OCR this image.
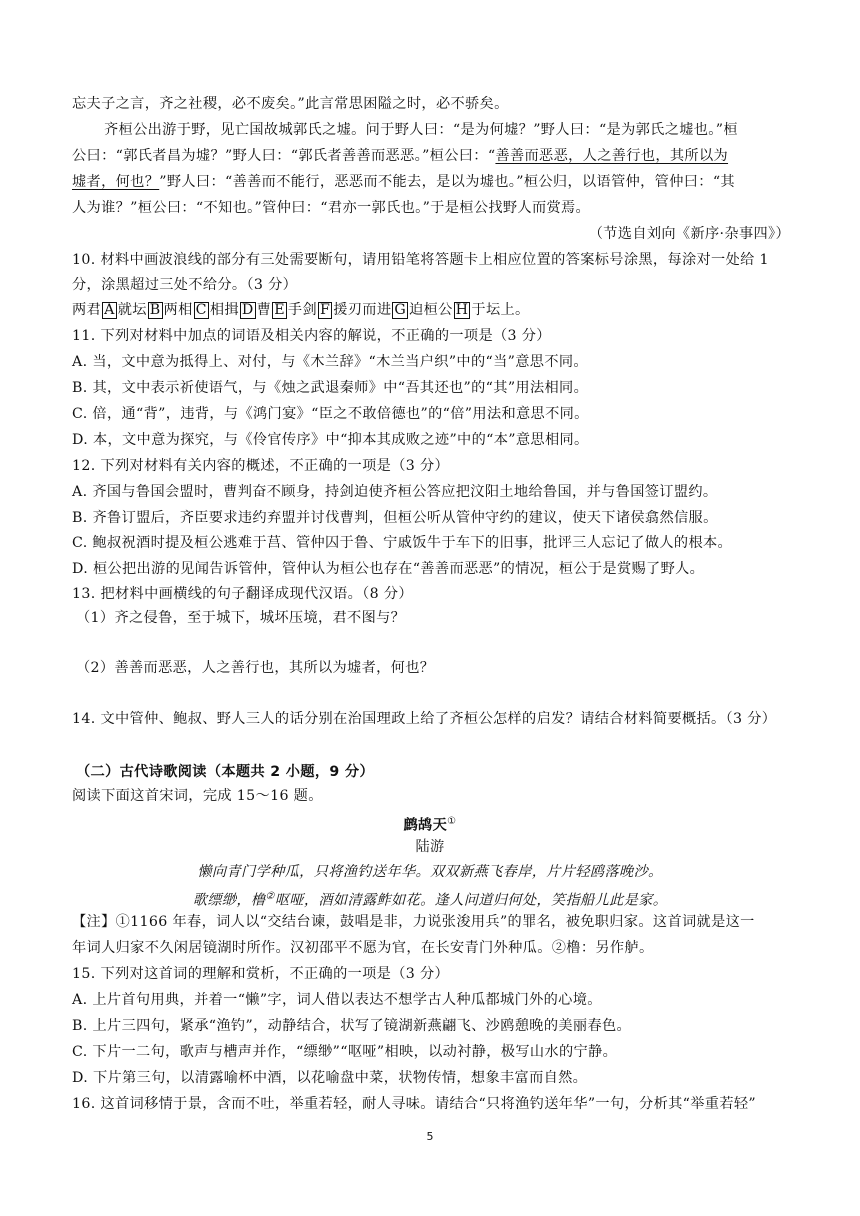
忘夫子之言，齐之社稷，必不废矣。”此言常思困隘之时，必不骄矣。
齐桓公出游于野，见亡国故城郭氏之墟。问于野人曰：“是为何墟？”野人曰：“是为郭氏之墟也。”桓
公曰：“郭氏者昌为墟？”野人曰：“郭氏者善善而恶恶。”桓公曰：“善善而恶恶，人之善行也，其所以为
墟者，何也？”野人曰：“善善而不能行，恶恶而不能去，是以为墟也。”桓公归，以语管仲，管仲曰：“其
人为谁？”桓公曰：“不知也。”管仲曰：“君亦一郭氏也。”于是桓公找野人而赏焉。
（节选自刘向《新序·杂事四》）
10. 材料中画波浪线的部分有三处需要断句，请用铅笔将答题卡上相应位置的答案标号涂黑，每涂对一处给 1
分，涂黑超过三处不给分。（3 分）
两君 A 就坛 B 两相 C 相揖 D 曹 E 手剑 F 援刃而进 G 迫桓公 H 于坛上。
11. 下列对材料中加点的词语及相关内容的解说，不正确的一项是（3 分）
A. 当，文中意为抵得上、对付，与《木兰辞》“木兰当户织”中的“当”意思不同。
B. 其，文中表示祈使语气，与《烛之武退秦师》中“吾其还也”的“其”用法相同。
C. 倍，通“背”，违背，与《鸿门宴》“臣之不敢倍德也”的“倍”用法和意思不同。
D. 本，文中意为探究，与《伶官传序》中“抑本其成败之迹”中的“本”意思相同。
12. 下列对材料有关内容的概述，不正确的一项是（3 分）
A. 齐国与鲁国会盟时，曹判奋不顾身，持剑迫使齐桓公答应把汶阳土地给鲁国，并与鲁国签订盟约。
B. 齐鲁订盟后，齐臣要求违约弃盟并讨伐曹判，但桓公听从管仲守约的建议，使天下诸侯翕然信服。
C. 鲍叔祝酒时提及桓公逃难于莒、管仲囚于鲁、宁戚饭牛于车下的旧事，批评三人忘记了做人的根本。
D. 桓公把出游的见闻告诉管仲，管仲认为桓公也存在“善善而恶恶”的情况，桓公于是赏赐了野人。
13. 把材料中画横线的句子翻译成现代汉语。（8 分）
（1）齐之侵鲁，至于城下，城坏压境，君不图与？
（2）善善而恶恶，人之善行也，其所以为墟者，何也？
14. 文中管仲、鲍叔、野人三人的话分别在治国理政上给了齐桓公怎样的启发？请结合材料简要概括。（3 分）
（二）古代诗歌阅读（本题共 2 小题，9 分）
阅读下面这首宋词，完成 15～16 题。
鹧鸪天①
陆游
懒向青门学种瓜，只将渔钓送年华。双双新燕飞春岸，片片轻鸥落晚沙。
歌缥缈，橹②呕哑，酒如清露鲊如花。逢人问道归何处，笑指船儿此是家。
【注】①1166 年春，词人以“交结台谏，鼓唱是非，力说张浚用兵”的罪名，被免职归家。这首词就是这一
年词人归家不久闲居镜湖时所作。汉初邵平不愿为官，在长安青门外种瓜。②橹：另作舻。
15. 下列对这首词的理解和赏析，不正确的一项是（3 分）
A. 上片首句用典，并着一“懒”字，词人借以表达不想学古人种瓜都城门外的心境。
B. 上片三四句，紧承“渔钓”，动静结合，状写了镜湖新燕翩飞、沙鸥憩晚的美丽春色。
C. 下片一二句，歌声与槽声并作，“缥缈”“呕哑”相映，以动衬静，极写山水的宁静。
D. 下片第三句，以清露喻杯中酒，以花喻盘中菜，状物传情，想象丰富而自然。
16. 这首词移情于景，含而不吐，举重若轻，耐人寻味。请结合“只将渔钓送年华”一句，分析其“举重若轻”
5
